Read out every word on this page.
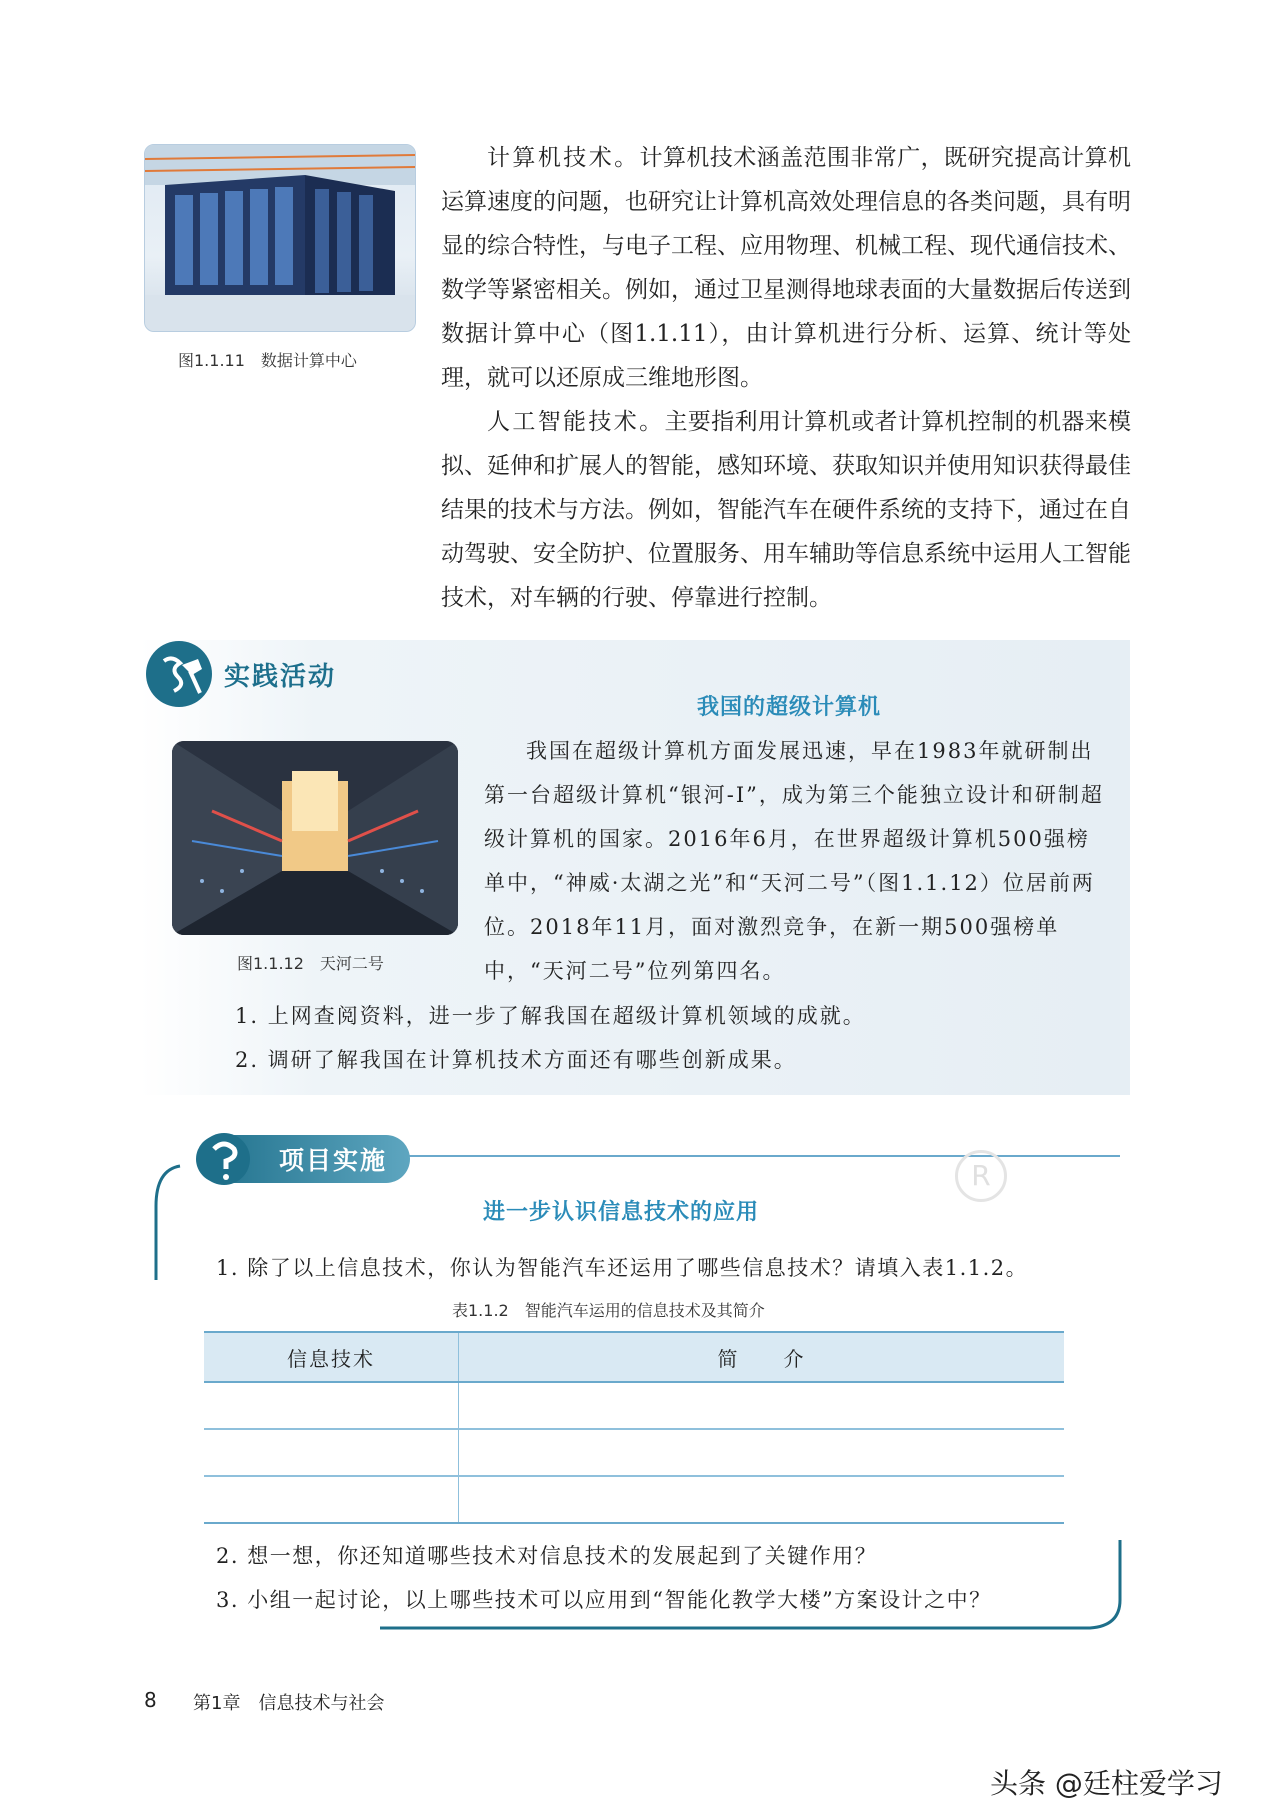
图1.1.11　数据计算中心

计算机技术。计算机技术涵盖范围非常广，既研究提高计算机运算速度的问题，也研究让计算机高效处理信息的各类问题，具有明显的综合特性，与电子工程、应用物理、机械工程、现代通信技术、数学等紧密相关。例如，通过卫星测得地球表面的大量数据后传送到数据计算中心（图1.1.11），由计算机进行分析、运算、统计等处理，就可以还原成三维地形图。

人工智能技术。主要指利用计算机或者计算机控制的机器来模拟、延伸和扩展人的智能，感知环境、获取知识并使用知识获得最佳结果的技术与方法。例如，智能汽车在硬件系统的支持下，通过在自动驾驶、安全防护、位置服务、用车辅助等信息系统中运用人工智能技术，对车辆的行驶、停靠进行控制。

实践活动
我国的超级计算机
图1.1.12　天河二号

我国在超级计算机方面发展迅速，早在1983年就研制出第一台超级计算机“银河-I”，成为第三个能独立设计和研制超级计算机的国家。2016年6月，在世界超级计算机500强榜单中，“神威·太湖之光”和“天河二号”（图1.1.12）位居前两位。2018年11月，面对激烈竞争，在新一期500强榜单中，“天河二号”位列第四名。

1. 上网查阅资料，进一步了解我国在超级计算机领域的成就。
2. 调研了解我国在计算机技术方面还有哪些创新成果。
R
项目实施
进一步认识信息技术的应用
1. 除了以上信息技术，你认为智能汽车还运用了哪些信息技术？请填入表1.1.2。
表1.1.2　智能汽车运用的信息技术及其简介
信息技术	简　　介

2. 想一想，你还知道哪些技术对信息技术的发展起到了关键作用？
3. 小组一起讨论，以上哪些技术可以应用到“智能化教学大楼”方案设计之中？
8 第1章　信息技术与社会
头条 @廷柱爱学习
